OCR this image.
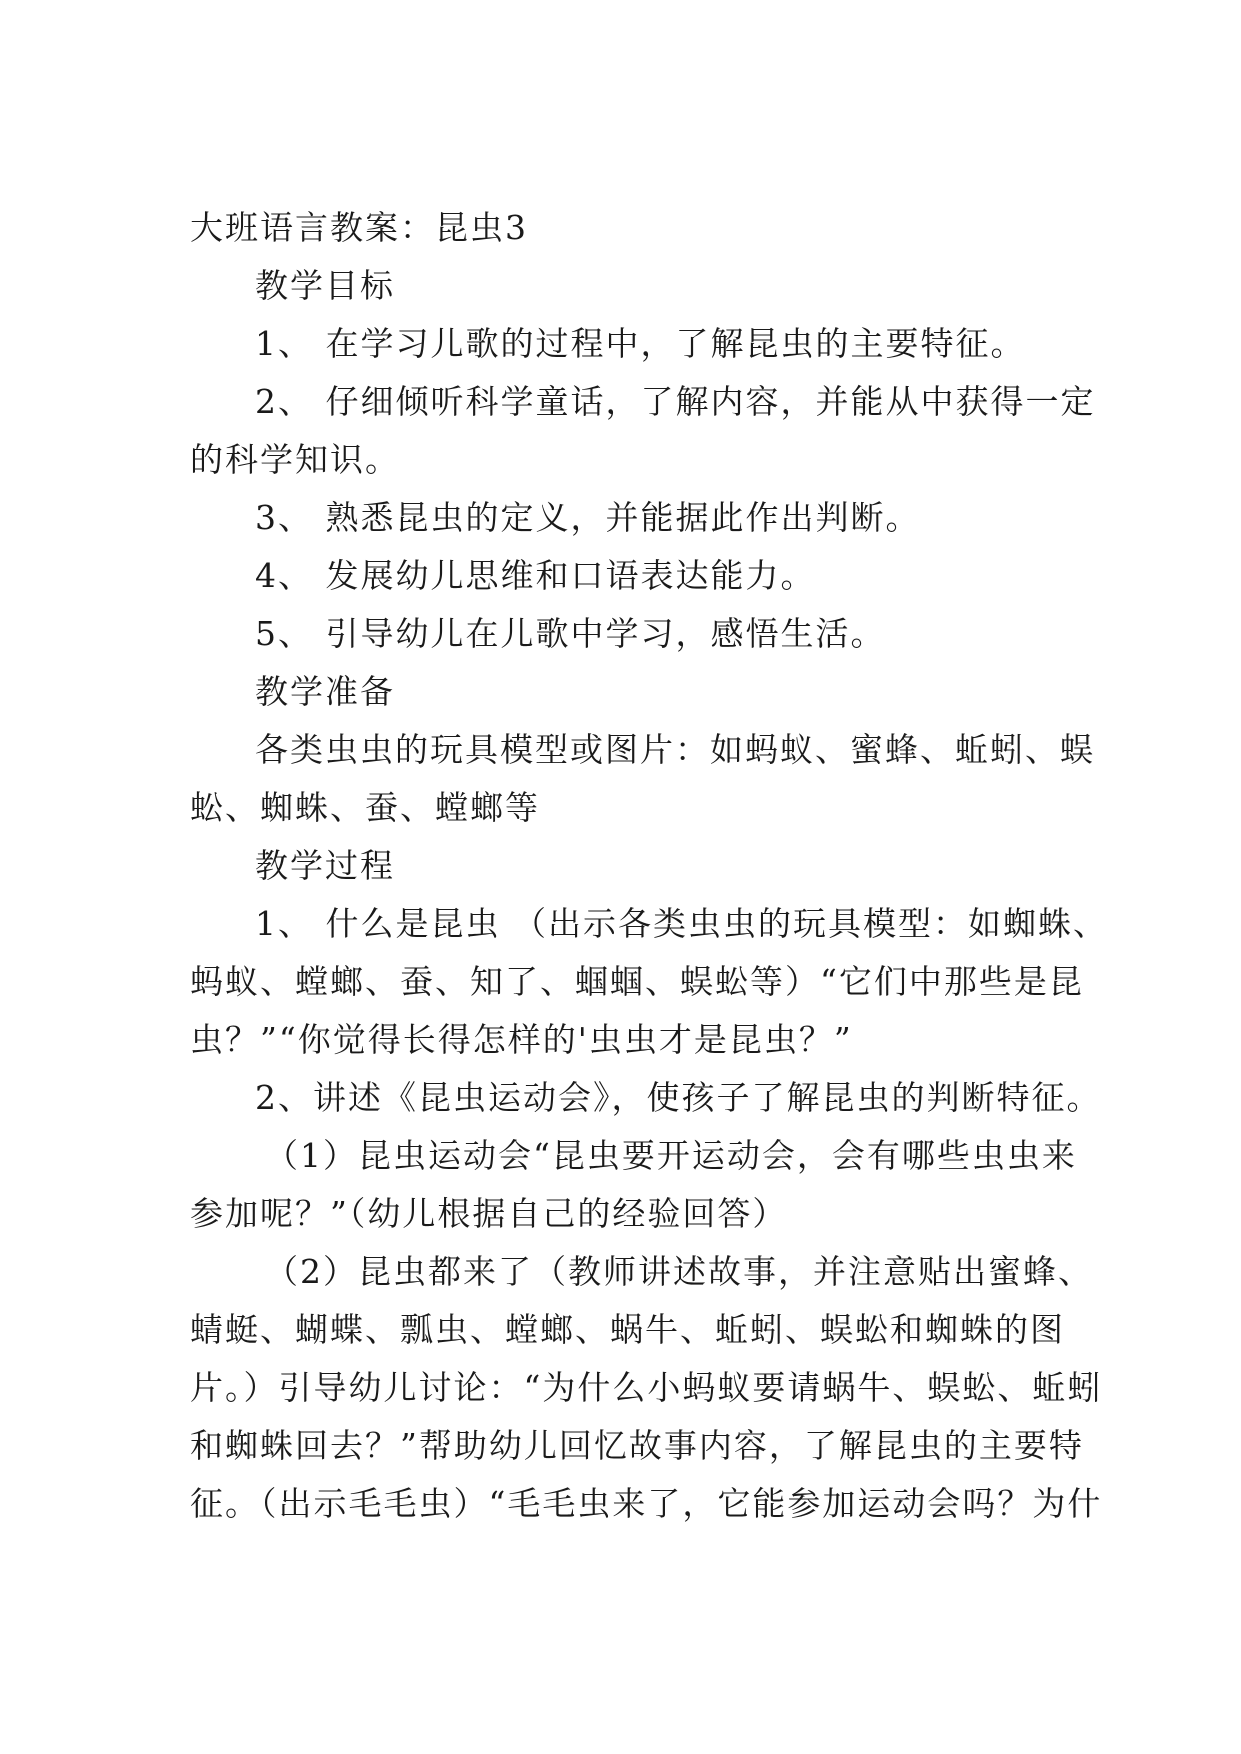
大班语言教案：昆虫3
教学目标
1、 在学习儿歌的过程中，了解昆虫的主要特征。
2、 仔细倾听科学童话，了解内容，并能从中获得一定
的科学知识。
3、 熟悉昆虫的定义，并能据此作出判断。
4、 发展幼儿思维和口语表达能力。
5、 引导幼儿在儿歌中学习，感悟生活。
教学准备
各类虫虫的玩具模型或图片：如蚂蚁、蜜蜂、蚯蚓、蜈
蚣、蜘蛛、蚕、螳螂等
教学过程
1、 什么是昆虫 （出示各类虫虫的玩具模型：如蜘蛛、
蚂蚁、螳螂、蚕、知了、蝈蝈、蜈蚣等）“它们中那些是昆
虫？”“你觉得长得怎样的'虫虫才是昆虫？”
2、讲述《昆虫运动会》，使孩子了解昆虫的判断特征。
（1）昆虫运动会“昆虫要开运动会，会有哪些虫虫来
参加呢？”（幼儿根据自己的经验回答）
（2）昆虫都来了（教师讲述故事，并注意贴出蜜蜂、
蜻蜓、蝴蝶、瓢虫、螳螂、蜗牛、蚯蚓、蜈蚣和蜘蛛的图
片。）引导幼儿讨论：“为什么小蚂蚁要请蜗牛、蜈蚣、蚯蚓
和蜘蛛回去？”帮助幼儿回忆故事内容，了解昆虫的主要特
征。（出示毛毛虫）“毛毛虫来了，它能参加运动会吗？为什
